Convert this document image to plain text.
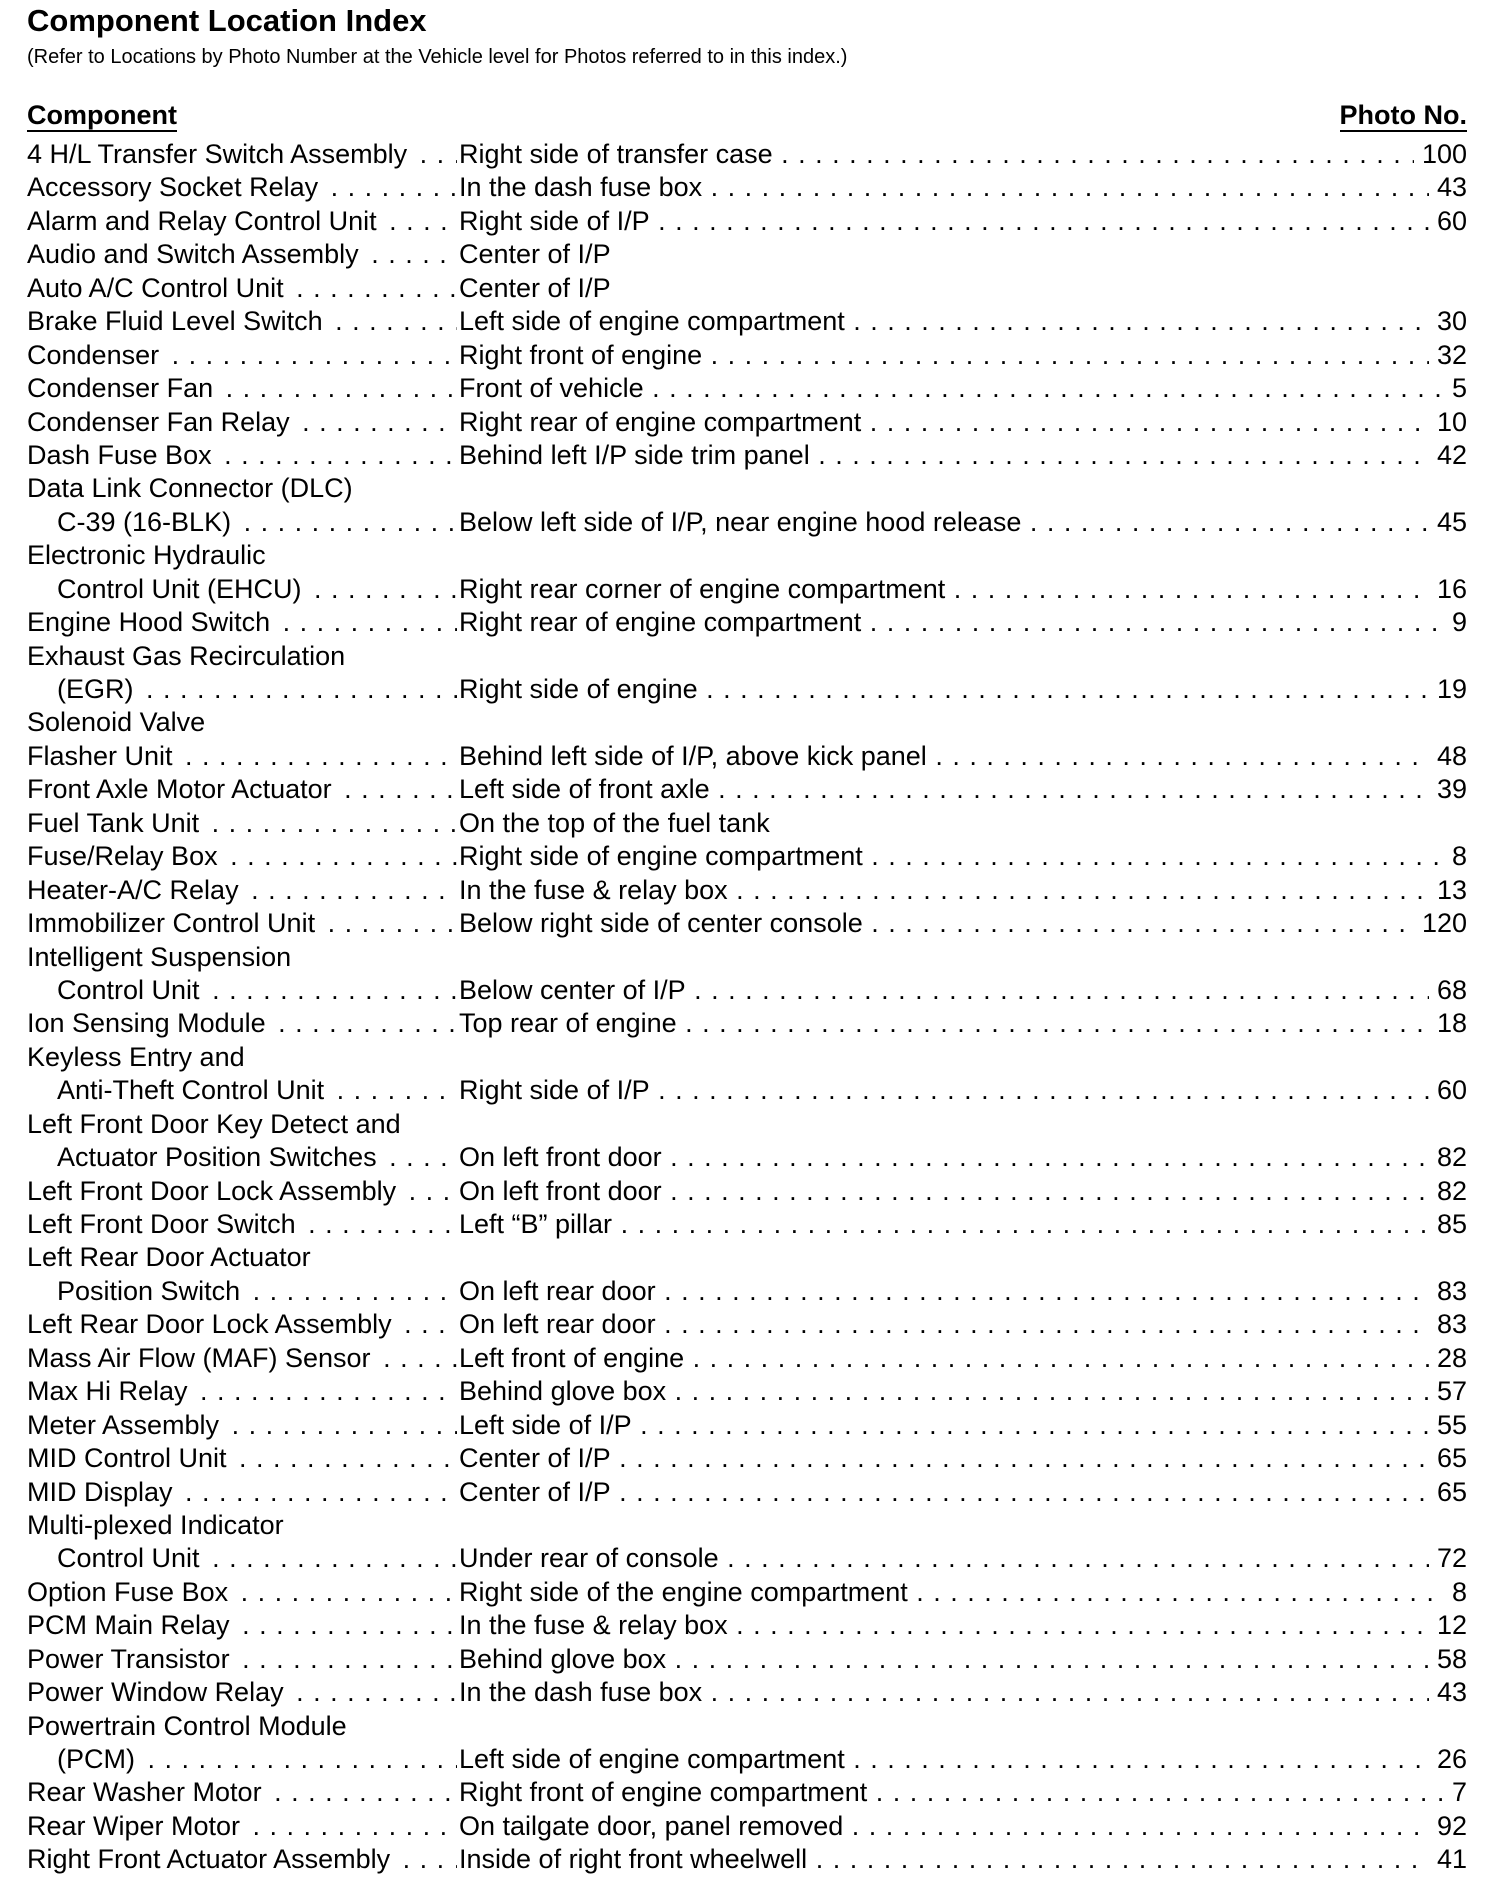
Component Location Index
(Refer to Locations by Photo Number at the Vehicle level for Photos referred to in this index.)
Component	Photo No.
4 H/L Transfer Switch Assembly . . .	Right side of transfer case . . .	100
Accessory Socket Relay . . .	In the dash fuse box . . .	43
Alarm and Relay Control Unit . . .	Right side of I/P . . .	60
Audio and Switch Assembly . . .	Center of I/P
Auto A/C Control Unit . . .	Center of I/P
Brake Fluid Level Switch . . .	Left side of engine compartment . . .	30
Condenser . . .	Right front of engine . . .	32
Condenser Fan . . .	Front of vehicle . . .	5
Condenser Fan Relay . . .	Right rear of engine compartment . . .	10
Dash Fuse Box . . .	Behind left I/P side trim panel . . .	42
Data Link Connector (DLC)
C-39 (16-BLK) . . .	Below left side of I/P, near engine hood release . . .	45
Electronic Hydraulic
Control Unit (EHCU) . . .	Right rear corner of engine compartment . . .	16
Engine Hood Switch . . .	Right rear of engine compartment . . .	9
Exhaust Gas Recirculation
(EGR) . . .	Right side of engine . . .	19
Solenoid Valve
Flasher Unit . . .	Behind left side of I/P, above kick panel . . .	48
Front Axle Motor Actuator . . .	Left side of front axle . . .	39
Fuel Tank Unit . . .	On the top of the fuel tank
Fuse/Relay Box . . .	Right side of engine compartment . . .	8
Heater-A/C Relay . . .	In the fuse & relay box . . .	13
Immobilizer Control Unit . . .	Below right side of center console . . .	120
Intelligent Suspension
Control Unit . . .	Below center of I/P . . .	68
Ion Sensing Module . . .	Top rear of engine . . .	18
Keyless Entry and
Anti-Theft Control Unit . . .	Right side of I/P . . .	60
Left Front Door Key Detect and
Actuator Position Switches . . .	On left front door . . .	82
Left Front Door Lock Assembly . . .	On left front door . . .	82
Left Front Door Switch . . .	Left “B” pillar . . .	85
Left Rear Door Actuator
Position Switch . . .	On left rear door . . .	83
Left Rear Door Lock Assembly . . .	On left rear door . . .	83
Mass Air Flow (MAF) Sensor . . .	Left front of engine . . .	28
Max Hi Relay . . .	Behind glove box . . .	57
Meter Assembly . . .	Left side of I/P . . .	55
MID Control Unit . . .	Center of I/P . . .	65
MID Display . . .	Center of I/P . . .	65
Multi-plexed Indicator
Control Unit . . .	Under rear of console . . .	72
Option Fuse Box . . .	Right side of the engine compartment . . .	8
PCM Main Relay . . .	In the fuse & relay box . . .	12
Power Transistor . . .	Behind glove box . . .	58
Power Window Relay . . .	In the dash fuse box . . .	43
Powertrain Control Module
(PCM) . . .	Left side of engine compartment . . .	26
Rear Washer Motor . . .	Right front of engine compartment . . .	7
Rear Wiper Motor . . .	On tailgate door, panel removed . . .	92
Right Front Actuator Assembly . . .	Inside of right front wheelwell . . .	41
